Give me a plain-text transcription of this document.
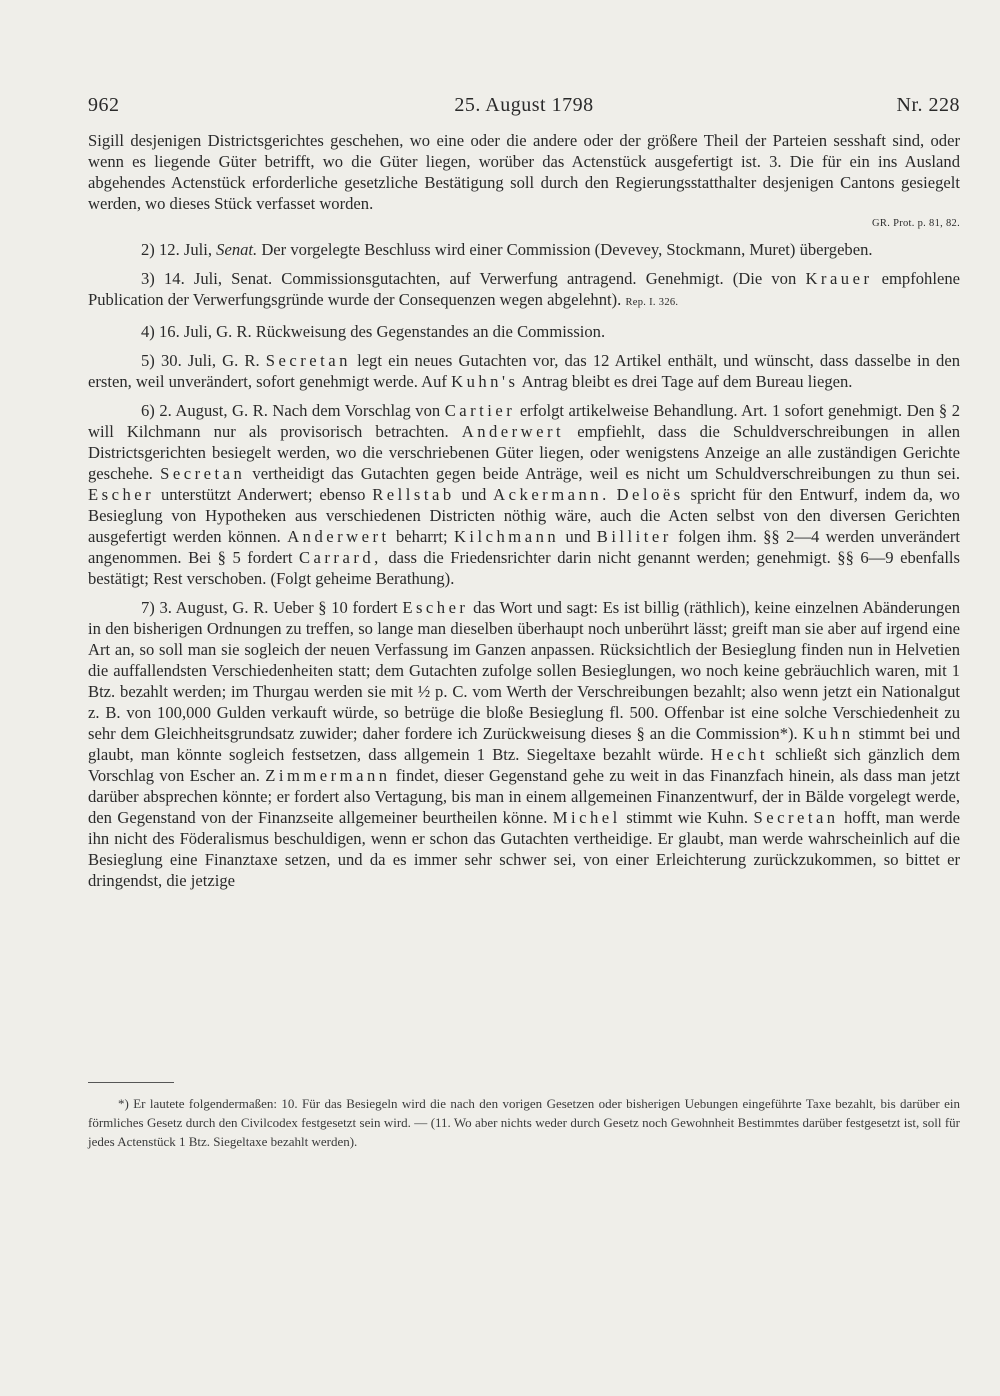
962	25. August 1798	Nr. 228

Sigill desjenigen Districtsgerichtes geschehen, wo eine oder die andere oder der größere Theil der Parteien sesshaft sind, oder wenn es liegende Güter betrifft, wo die Güter liegen, worüber das Actenstück ausgefertigt ist. 3. Die für ein ins Ausland abgehendes Actenstück erforderliche gesetzliche Bestätigung soll durch den Regierungsstatthalter desjenigen Cantons gesiegelt werden, wo dieses Stück verfasset worden.

GR. Prot. p. 81, 82.

2) 12. Juli, Senat. Der vorgelegte Beschluss wird einer Commission (Devevey, Stockmann, Muret) übergeben.

3) 14. Juli, Senat. Commissionsgutachten, auf Verwerfung antragend. Genehmigt. (Die von Krauer empfohlene Publication der Verwerfungsgründe wurde der Consequenzen wegen abgelehnt). Rep. I. 326.

4) 16. Juli, G. R. Rückweisung des Gegenstandes an die Commission.

5) 30. Juli, G. R. Secretan legt ein neues Gutachten vor, das 12 Artikel enthält, und wünscht, dass dasselbe in den ersten, weil unverändert, sofort genehmigt werde. Auf Kuhn's Antrag bleibt es drei Tage auf dem Bureau liegen.

6) 2. August, G. R. Nach dem Vorschlag von Cartier erfolgt artikelweise Behandlung. Art. 1 sofort genehmigt. Den § 2 will Kilchmann nur als provisorisch betrachten. Anderwert empfiehlt, dass die Schuldverschreibungen in allen Districtsgerichten besiegelt werden, wo die verschriebenen Güter liegen, oder wenigstens Anzeige an alle zuständigen Gerichte geschehe. Secretan vertheidigt das Gutachten gegen beide Anträge, weil es nicht um Schuldverschreibungen zu thun sei. Escher unterstützt Anderwert; ebenso Rellstab und Ackermann. Deloës spricht für den Entwurf, indem da, wo Besieglung von Hypotheken aus verschiedenen Districten nöthig wäre, auch die Acten selbst von den diversen Gerichten ausgefertigt werden können. Anderwert beharrt; Kilchmann und Billiter folgen ihm. §§ 2—4 werden unverändert angenommen. Bei § 5 fordert Carrard, dass die Friedensrichter darin nicht genannt werden; genehmigt. §§ 6—9 ebenfalls bestätigt; Rest verschoben. (Folgt geheime Berathung).

7) 3. August, G. R. Ueber § 10 fordert Escher das Wort und sagt: Es ist billig (räthlich), keine einzelnen Abänderungen in den bisherigen Ordnungen zu treffen, so lange man dieselben überhaupt noch unberührt lässt; greift man sie aber auf irgend eine Art an, so soll man sie sogleich der neuen Verfassung im Ganzen anpassen. Rücksichtlich der Besieglung finden nun in Helvetien die auffallendsten Verschiedenheiten statt; dem Gutachten zufolge sollen Besieglungen, wo noch keine gebräuchlich waren, mit 1 Btz. bezahlt werden; im Thurgau werden sie mit ½ p. C. vom Werth der Verschreibungen bezahlt; also wenn jetzt ein Nationalgut z. B. von 100,000 Gulden verkauft würde, so betrüge die bloße Besieglung fl. 500. Offenbar ist eine solche Verschiedenheit zu sehr dem Gleichheitsgrundsatz zuwider; daher fordere ich Zurückweisung dieses § an die Commission*). Kuhn stimmt bei und glaubt, man könnte sogleich festsetzen, dass allgemein 1 Btz. Siegeltaxe bezahlt würde. Hecht schließt sich gänzlich dem Vorschlag von Escher an. Zimmermann findet, dieser Gegenstand gehe zu weit in das Finanzfach hinein, als dass man jetzt darüber absprechen könnte; er fordert also Vertagung, bis man in einem allgemeinen Finanzentwurf, der in Bälde vorgelegt werde, den Gegenstand von der Finanzseite allgemeiner beurtheilen könne. Michel stimmt wie Kuhn. Secretan hofft, man werde ihn nicht des Föderalismus beschuldigen, wenn er schon das Gutachten vertheidige. Er glaubt, man werde wahrscheinlich auf die Besieglung eine Finanztaxe setzen, und da es immer sehr schwer sei, von einer Erleichterung zurückzukommen, so bittet er dringendst, die jetzige

*) Er lautete folgendermaßen: 10. Für das Besiegeln wird die nach den vorigen Gesetzen oder bisherigen Uebungen eingeführte Taxe bezahlt, bis darüber ein förmliches Gesetz durch den Civilcodex festgesetzt sein wird. — (11. Wo aber nichts weder durch Gesetz noch Gewohnheit Bestimmtes darüber festgesetzt ist, soll für jedes Actenstück 1 Btz. Siegeltaxe bezahlt werden).
